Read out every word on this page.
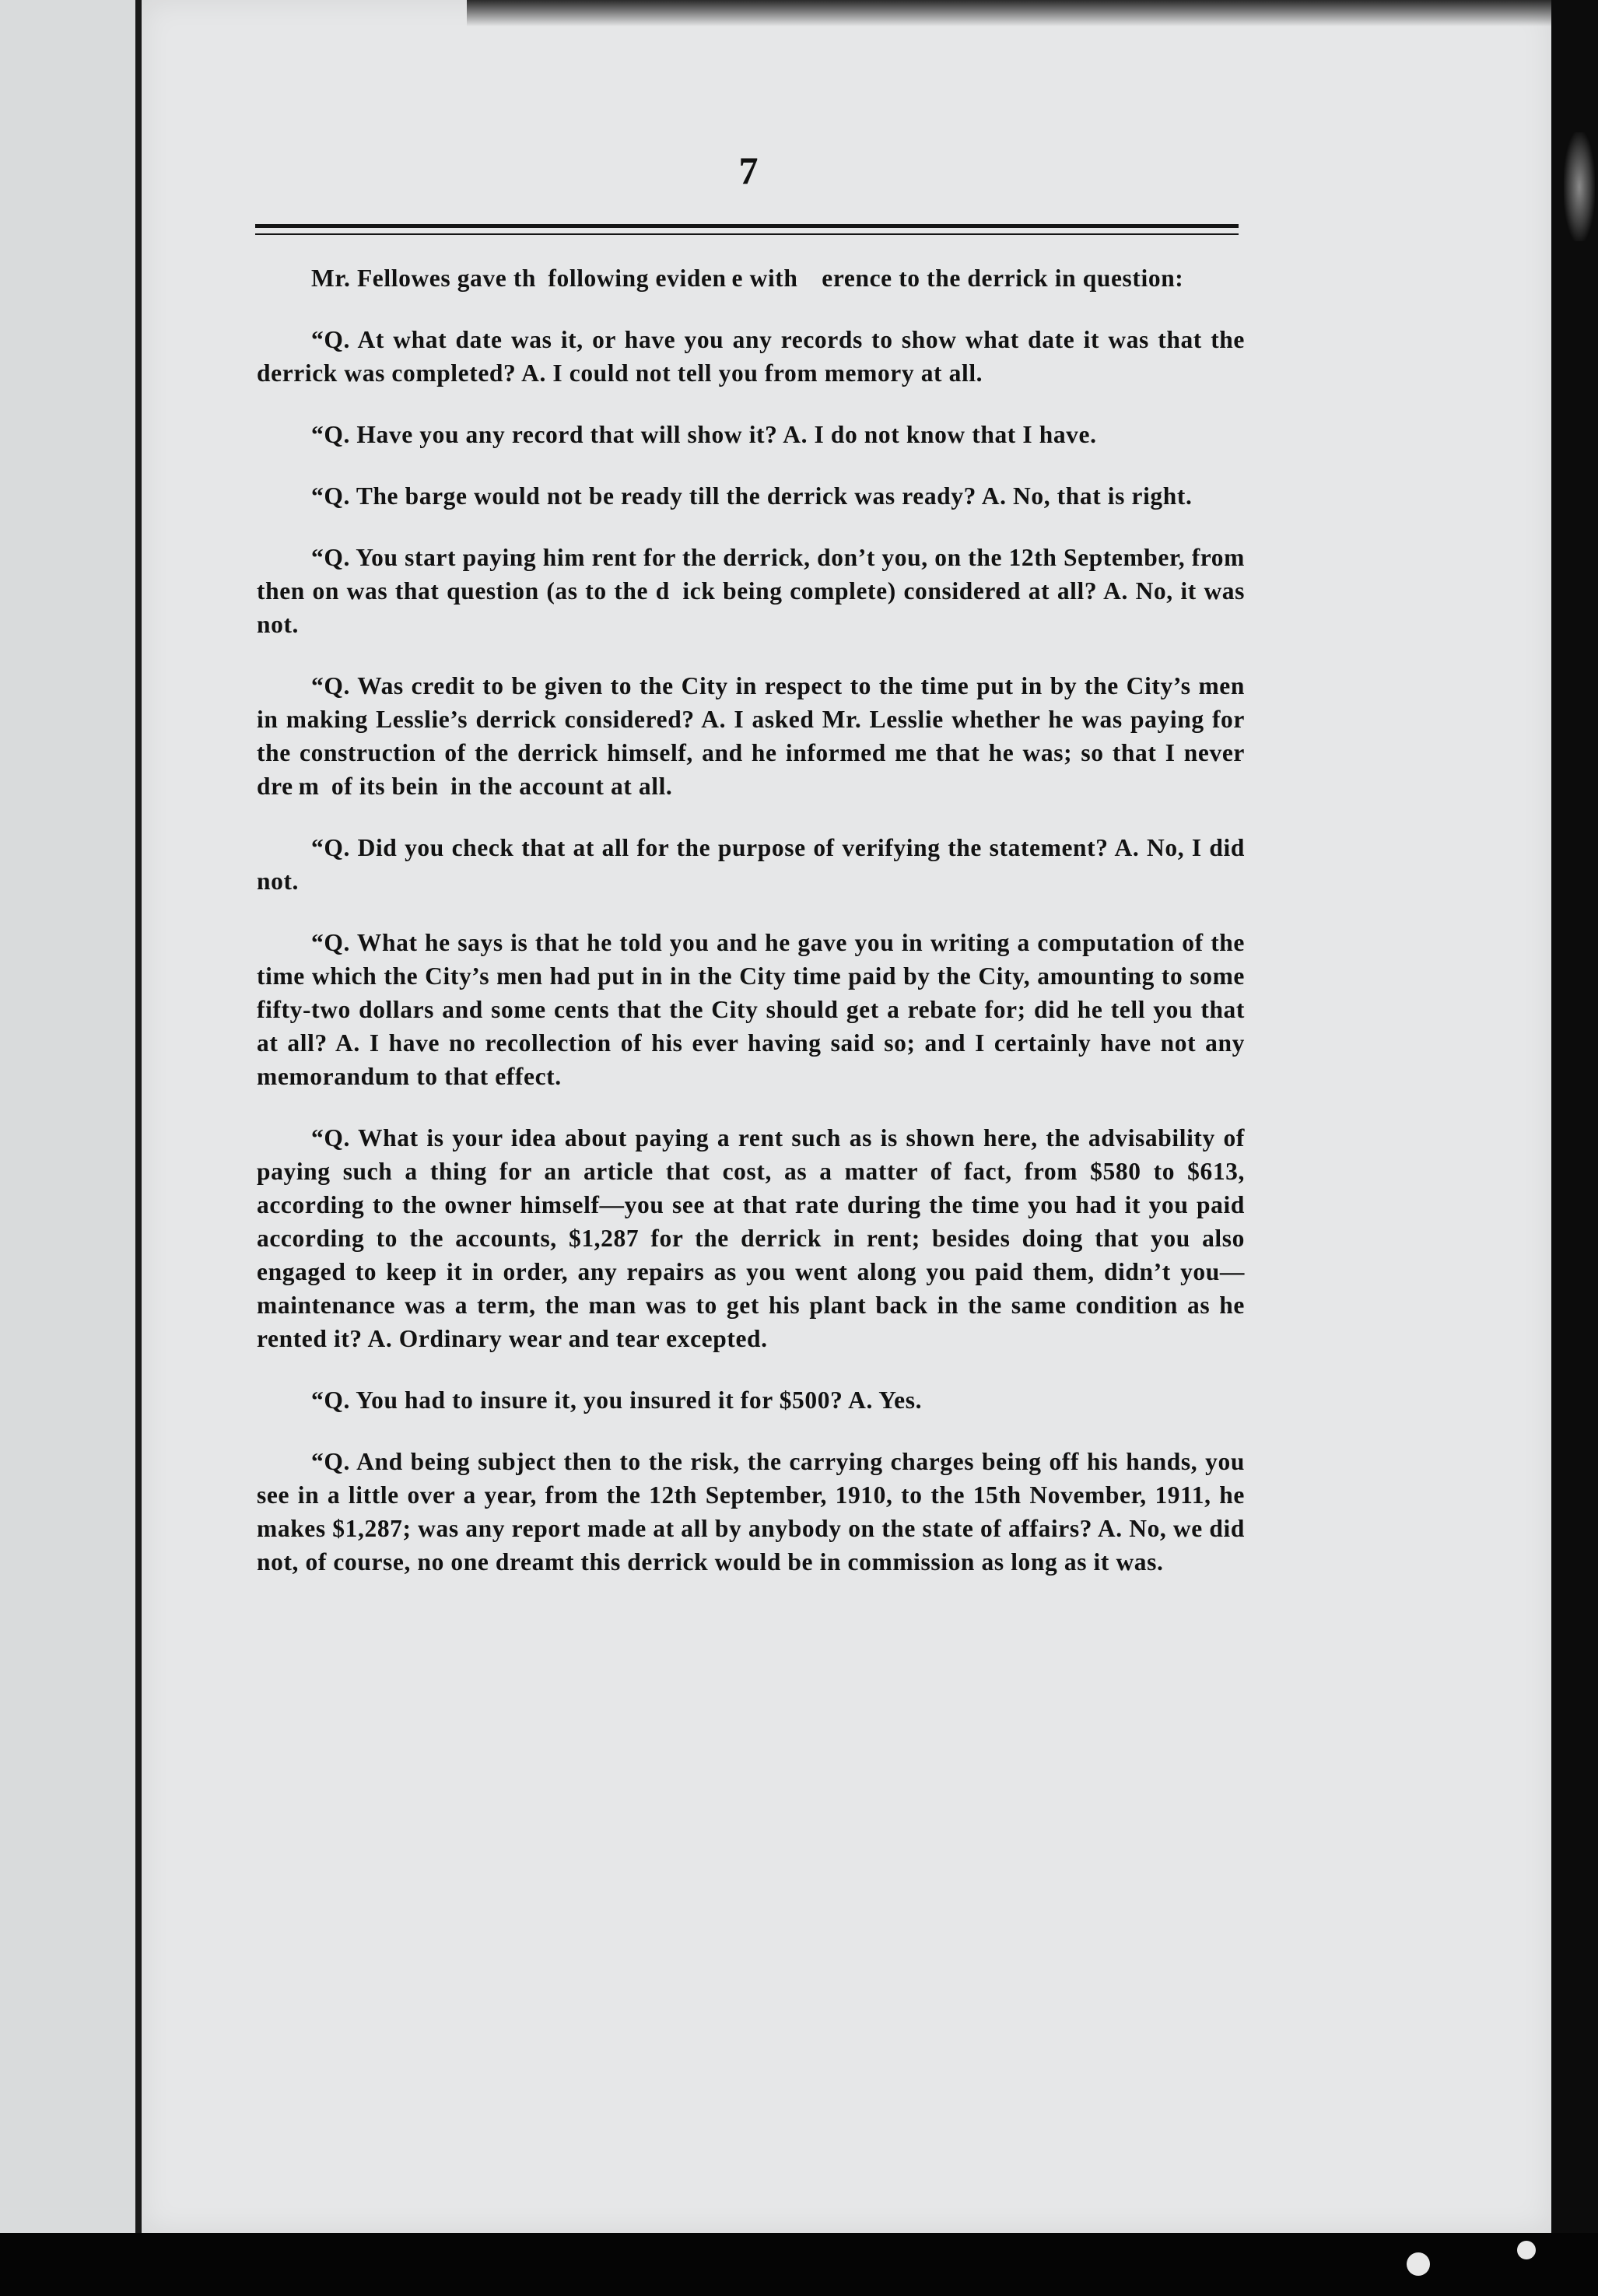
7

Mr. Fellowes gave th  following eviden e with    erence to the derrick in question:

“Q. At what date was it, or have you any records to show what date it was that the derrick was completed? A. I could not tell you from memory at all.

“Q. Have you any record that will show it? A. I do not know that I have.

“Q. The barge would not be ready till the derrick was ready? A. No, that is right.

“Q. You start paying him rent for the derrick, don’t you, on the 12th September, from then on was that question (as to the d  ick being complete) considered at all? A. No, it was not.

“Q. Was credit to be given to the City in respect to the time put in by the City’s men in making Lesslie’s derrick considered? A. I asked Mr. Lesslie whether he was paying for the construction of the derrick himself, and he informed me that he was; so that I never dre m  of its bein  in the account at all.

“Q. Did you check that at all for the purpose of verifying the statement? A. No, I did not.

“Q. What he says is that he told you and he gave you in writing a computation of the time which the City’s men had put in in the City time paid by the City, amounting to some fifty-two dollars and some cents that the City should get a rebate for; did he tell you that at all? A. I have no recollection of his ever having said so; and I certainly have not any memorandum to that effect.

“Q. What is your idea about paying a rent such as is shown here, the advisability of paying such a thing for an article that cost, as a matter of fact, from $580 to $613, according to the owner himself—you see at that rate during the time you had it you paid according to the accounts, $1,287 for the derrick in rent; besides doing that you also engaged to keep it in order, any repairs as you went along you paid them, didn’t you—maintenance was a term, the man was to get his plant back in the same condition as he rented it? A. Ordinary wear and tear excepted.

“Q. You had to insure it, you insured it for $500? A. Yes.

“Q. And being subject then to the risk, the carrying charges being off his hands, you see in a little over a year, from the 12th September, 1910, to the 15th November, 1911, he makes $1,287; was any report made at all by anybody on the state of affairs? A. No, we did not, of course, no one dreamt this derrick would be in commission as long as it was.
